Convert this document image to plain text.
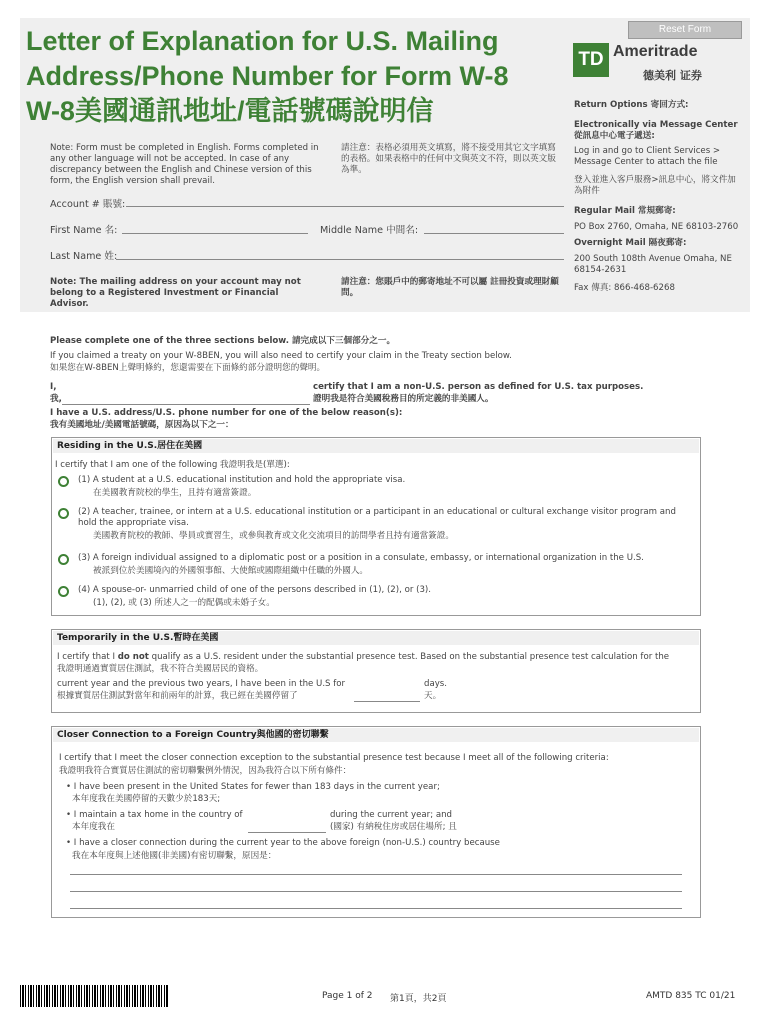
Reset Form
Letter of Explanation for U.S. Mailing
Address/Phone Number for Form W-8
W-8美國通訊地址/電話號碼說明信
TD Ameritrade
德美利 证券
Note: Form must be completed in English. Forms completed in any other language will not be accepted. In case of any discrepancy between the English and Chinese version of this form, the English version shall prevail.
請注意：表格必須用英文填寫，將不接受用其它文字填寫的表格。如果表格中的任何中文與英文不符，則以英文版為準。
Account # 賬號:
First Name 名:	Middle Name 中間名:
Last Name 姓:
Note: The mailing address on your account may not belong to a Registered Investment or Financial Advisor.
請注意：您賬戶中的郵寄地址不可以屬 註冊投資或理財顧問。
Return Options 寄回方式:
Electronically via Message Center 從訊息中心電子遞送:
Log in and go to Client Services > Message Center to attach the file
登入並進入客戶服務>訊息中心，將文件加為附件
Regular Mail 常規郵寄:
PO Box 2760, Omaha, NE 68103-2760
Overnight Mail 隔夜郵寄:
200 South 108th Avenue Omaha, NE 68154-2631
Fax 傳真: 866-468-6268
Please complete one of the three sections below. 請完成以下三個部分之一。
If you claimed a treaty on your W-8BEN, you will also need to certify your claim in the Treaty section below.
如果您在W-8BEN上聲明條約，您還需要在下面條約部分證明您的聲明。
I,	certify that I am a non-U.S. person as defined for U.S. tax purposes.
我,	證明我是符合美國稅務目的所定義的非美國人。
I have a U.S. address/U.S. phone number for one of the below reason(s):
我有美國地址/美國電話號碼，原因為以下之一：
Residing in the U.S.居住在美國
I certify that I am one of the following 我證明我是(單選):
(1) A student at a U.S. educational institution and hold the appropriate visa.
在美國教育院校的學生，且持有適當簽證。
(2) A teacher, trainee, or intern at a U.S. educational institution or a participant in an educational or cultural exchange visitor program and hold the appropriate visa.
美國教育院校的教師、學員或實習生，或參與教育或文化交流項目的訪問學者且持有適當簽證。
(3) A foreign individual assigned to a diplomatic post or a position in a consulate, embassy, or international organization in the U.S.
被派到位於美國境內的外國領事館、大使館或國際組織中任職的外國人。
(4) A spouse-or- unmarried child of one of the persons described in (1), (2), or (3).
(1), (2), 或 (3) 所述人之一的配偶或未婚子女。
Temporarily in the U.S.暫時在美國
I certify that I do not qualify as a U.S. resident under the substantial presence test. Based on the substantial presence test calculation for the
我證明通過實質居住測試，我不符合美國居民的資格。
current year and the previous two years, I have been in the U.S for	days.
根據實質居住測試對當年和前兩年的計算，我已經在美國停留了	天。
Closer Connection to a Foreign Country與他國的密切聯繫
I certify that I meet the closer connection exception to the substantial presence test because I meet all of the following criteria:
我證明我符合實質居住測試的密切聯繫例外情況，因為我符合以下所有條件：
• I have been present in the United States for fewer than 183 days in the current year;
本年度我在美國停留的天數少於183天;
• I maintain a tax home in the country of	during the current year; and
本年度我在	(國家) 有納稅住房或居住場所; 且
• I have a closer connection during the current year to the above foreign (non-U.S.) country because
我在本年度與上述他國(非美國)有密切聯繫，原因是：
Page 1 of 2 第1頁，共2頁	AMTD 835 TC 01/21
